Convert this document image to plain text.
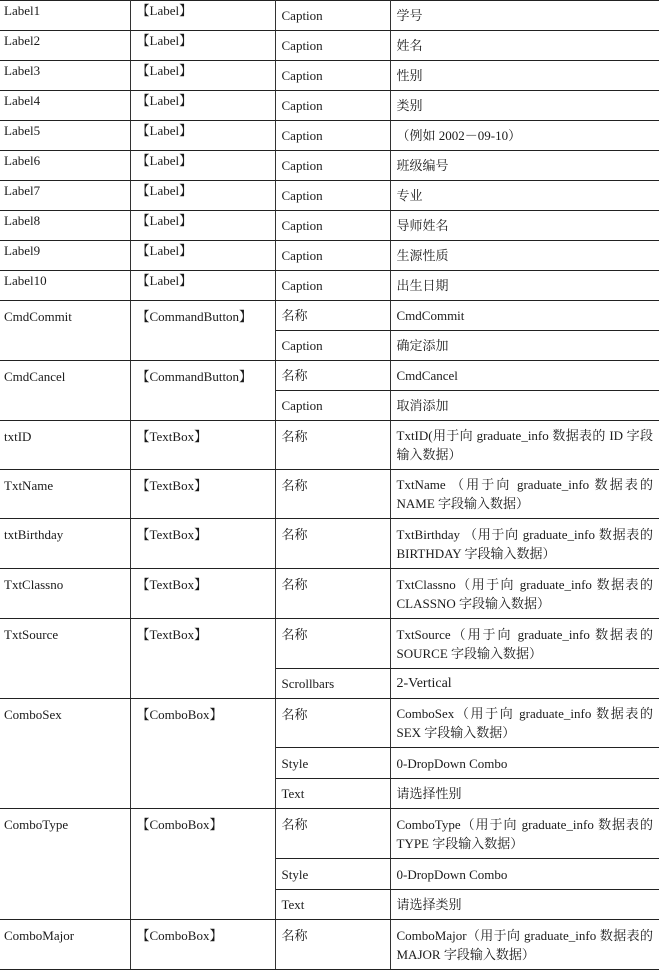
Label1	【Label】	Caption	学号
Label2	【Label】	Caption	姓名
Label3	【Label】	Caption	性别
Label4	【Label】	Caption	类别
Label5	【Label】	Caption	（例如 2002－09-10）
Label6	【Label】	Caption	班级编号
Label7	【Label】	Caption	专业
Label8	【Label】	Caption	导师姓名
Label9	【Label】	Caption	生源性质
Label10	【Label】	Caption	出生日期
CmdCommit	【CommandButton】	名称	CmdCommit
		Caption	确定添加
CmdCancel	【CommandButton】	名称	CmdCancel
		Caption	取消添加
txtID	【TextBox】	名称	TxtID(用于向 graduate_info 数据表的 ID 字段输入数据）
TxtName	【TextBox】	名称	TxtName （用于向 graduate_info 数据表的 NAME 字段输入数据）
txtBirthday	【TextBox】	名称	TxtBirthday （用于向 graduate_info 数据表的 BIRTHDAY 字段输入数据）
TxtClassno	【TextBox】	名称	TxtClassno（用于向 graduate_info 数据表的 CLASSNO 字段输入数据）
TxtSource	【TextBox】	名称	TxtSource（用于向 graduate_info 数据表的 SOURCE 字段输入数据）
		Scrollbars	2-Vertical
ComboSex	【ComboBox】	名称	ComboSex（用于向 graduate_info 数据表的 SEX 字段输入数据）
		Style	0-DropDown Combo
		Text	请选择性别
ComboType	【ComboBox】	名称	ComboType（用于向 graduate_info 数据表的 TYPE 字段输入数据）
		Style	0-DropDown Combo
		Text	请选择类别
ComboMajor	【ComboBox】	名称	ComboMajor（用于向 graduate_info 数据表的 MAJOR 字段输入数据）
